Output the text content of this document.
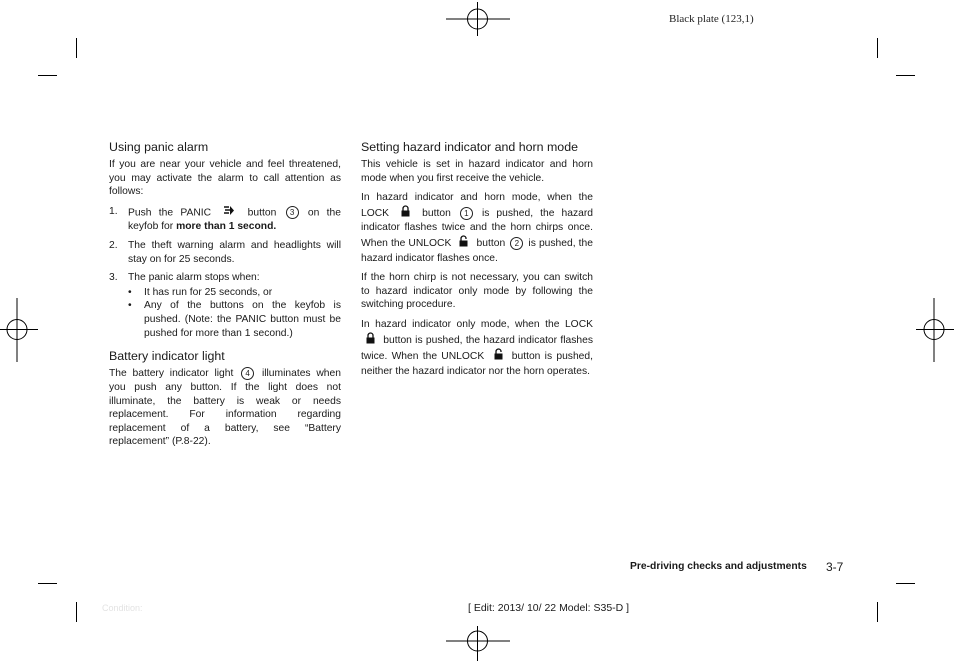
Black plate (123,1)
Using panic alarm

If you are near your vehicle and feel threatened, you may activate the alarm to call attention as follows:

1. Push the PANIC	button 3 on the keyfob for more than 1 second.
2. The theft warning alarm and headlights will stay on for 25 seconds.
3. The panic alarm stops when:
• It has run for 25 seconds, or
• Any of the buttons on the keyfob is pushed. (Note: the PANIC button must be pushed for more than 1 second.)
Battery indicator light

The battery indicator light 4 illuminates when you push any button. If the light does not illuminate, the battery is weak or needs replacement. For information regarding replacement of a battery, see “Battery replacement” (P.8-22).

Setting hazard indicator and horn mode

This vehicle is set in hazard indicator and horn mode when you first receive the vehicle.

In hazard indicator and horn mode, when the LOCK	button 1 is pushed, the hazard indicator flashes twice and the horn chirps once. When the UNLOCK button 2 is pushed, the hazard indicator flashes once.

If the horn chirp is not necessary, you can switch to hazard indicator only mode by following the switching procedure.

In hazard indicator only mode, when the LOCK  button is pushed, the hazard indicator flashes twice. When the UNLOCK	button is pushed, neither the hazard indicator nor the horn operates.

Pre-driving checks and adjustments 3-7
Condition:	[ Edit: 2013/ 10/ 22 Model: S35-D ]
